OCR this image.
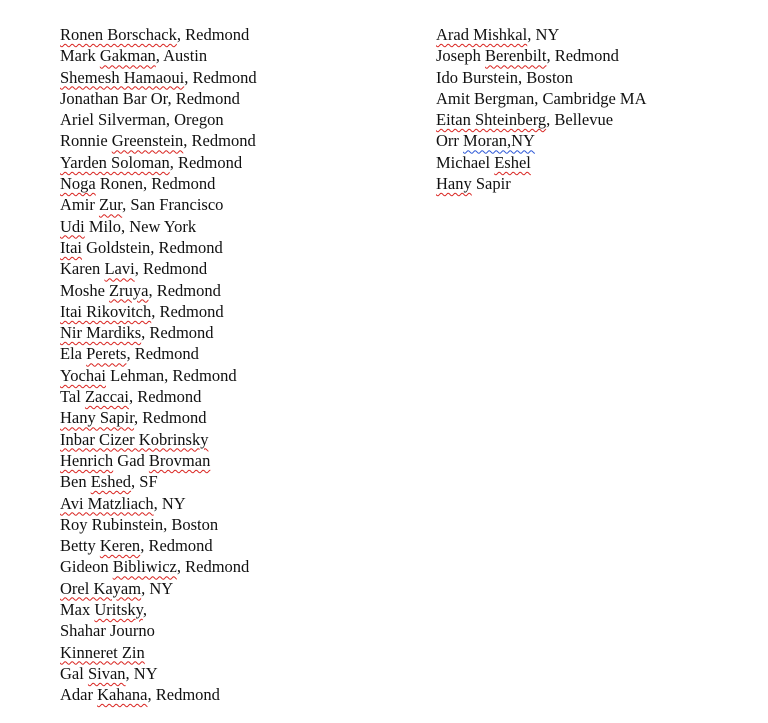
Ronen Borschack, Redmond
Mark Gakman, Austin
Shemesh Hamaoui, Redmond
Jonathan Bar Or, Redmond
Ariel Silverman, Oregon
Ronnie Greenstein, Redmond
Yarden Soloman, Redmond
Noga Ronen, Redmond
Amir Zur, San Francisco
Udi Milo, New York
Itai Goldstein, Redmond
Karen Lavi, Redmond
Moshe Zruya, Redmond
Itai Rikovitch, Redmond
Nir Mardiks, Redmond
Ela Perets, Redmond
Yochai Lehman, Redmond
Tal Zaccai, Redmond
Hany Sapir, Redmond
Inbar Cizer Kobrinsky
Henrich Gad Brovman
Ben Eshed, SF
Avi Matzliach, NY
Roy Rubinstein, Boston
Betty Keren, Redmond
Gideon Bibliwicz, Redmond
Orel Kayam, NY
Max Uritsky,
Shahar Journo
Kinneret Zin
Gal Sivan, NY
Adar Kahana, Redmond
Arad Mishkal, NY
Joseph Berenbilt, Redmond
Ido Burstein, Boston
Amit Bergman, Cambridge MA
Eitan Shteinberg, Bellevue
Orr Moran,NY
Michael Eshel
Hany Sapir
